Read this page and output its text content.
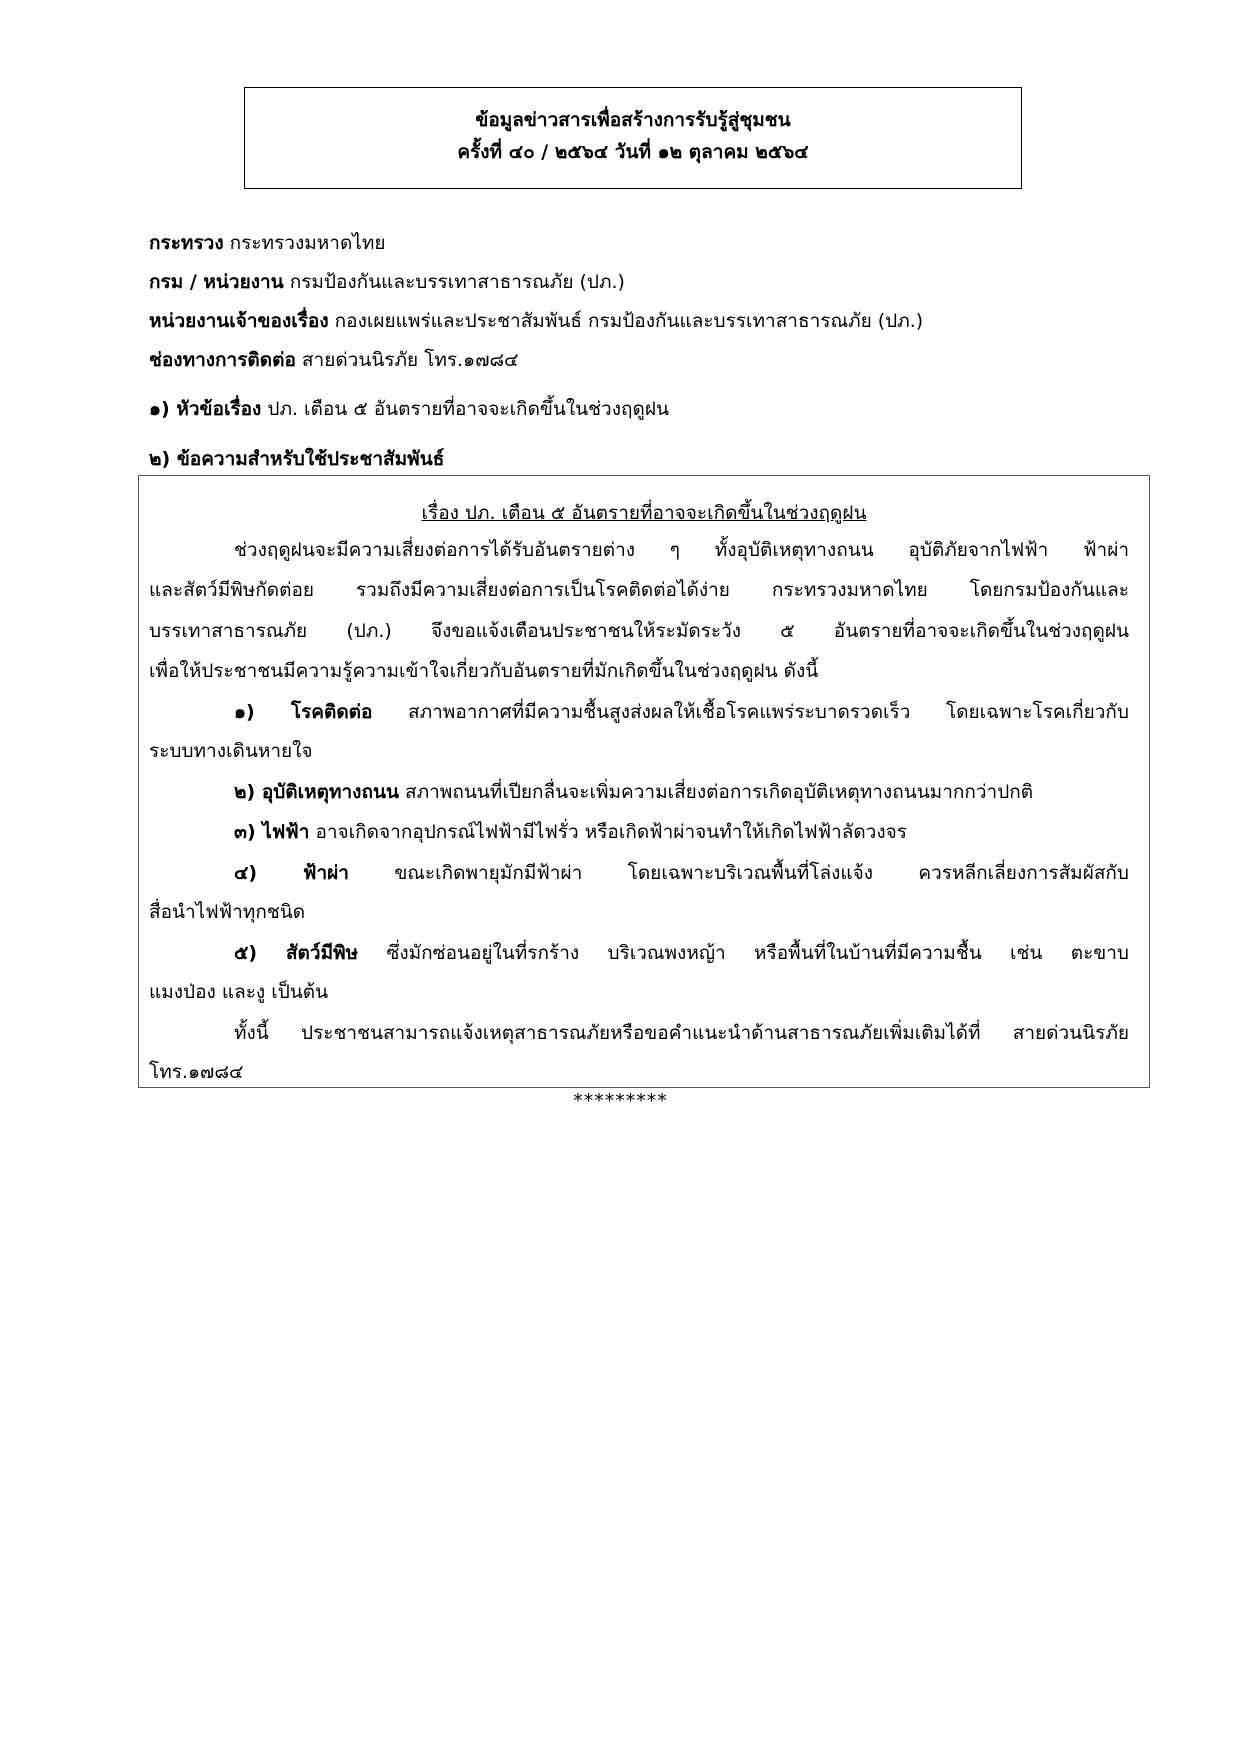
ข้อมูลข่าวสารเพื่อสร้างการรับรู้สู่ชุมชน
ครั้งที่ ๔๐ / ๒๕๖๔ วันที่ ๑๒ ตุลาคม ๒๕๖๔
กระทรวง กระทรวงมหาดไทย
กรม / หน่วยงาน กรมป้องกันและบรรเทาสาธารณภัย (ปภ.)
หน่วยงานเจ้าของเรื่อง กองเผยแพร่และประชาสัมพันธ์ กรมป้องกันและบรรเทาสาธารณภัย (ปภ.)
ช่องทางการติดต่อ สายด่วนนิรภัย โทร.๑๗๘๔
๑) หัวข้อเรื่อง ปภ. เตือน ๕ อันตรายที่อาจจะเกิดขึ้นในช่วงฤดูฝน
๒) ข้อความสำหรับใช้ประชาสัมพันธ์
เรื่อง ปภ. เตือน ๕ อันตรายที่อาจจะเกิดขึ้นในช่วงฤดูฝน
ช่วงฤดูฝนจะมีความเสี่ยงต่อการได้รับอันตรายต่าง ๆ ทั้งอุบัติเหตุทางถนน อุบัติภัยจากไฟฟ้า ฟ้าผ่า
และสัตว์มีพิษกัดต่อย รวมถึงมีความเสี่ยงต่อการเป็นโรคติดต่อได้ง่าย กระทรวงมหาดไทย โดยกรมป้องกันและ
บรรเทาสาธารณภัย (ปภ.) จึงขอแจ้งเตือนประชาชนให้ระมัดระวัง ๕ อันตรายที่อาจจะเกิดขึ้นในช่วงฤดูฝน
เพื่อให้ประชาชนมีความรู้ความเข้าใจเกี่ยวกับอันตรายที่มักเกิดขึ้นในช่วงฤดูฝน ดังนี้
๑) โรคติดต่อ สภาพอากาศที่มีความชื้นสูงส่งผลให้เชื้อโรคแพร่ระบาดรวดเร็ว โดยเฉพาะโรคเกี่ยวกับ
ระบบทางเดินหายใจ
๒) อุบัติเหตุทางถนน สภาพถนนที่เปียกลื่นจะเพิ่มความเสี่ยงต่อการเกิดอุบัติเหตุทางถนนมากกว่าปกติ
๓) ไฟฟ้า อาจเกิดจากอุปกรณ์ไฟฟ้ามีไฟรั่ว หรือเกิดฟ้าผ่าจนทำให้เกิดไฟฟ้าลัดวงจร
๔) ฟ้าผ่า ขณะเกิดพายุมักมีฟ้าผ่า โดยเฉพาะบริเวณพื้นที่โล่งแจ้ง ควรหลีกเลี่ยงการสัมผัสกับ
สื่อนำไฟฟ้าทุกชนิด
๕) สัตว์มีพิษ ซึ่งมักซ่อนอยู่ในที่รกร้าง บริเวณพงหญ้า หรือพื้นที่ในบ้านที่มีความชื้น เช่น ตะขาบ
แมงป่อง และงู เป็นต้น
ทั้งนี้ ประชาชนสามารถแจ้งเหตุสาธารณภัยหรือขอคำแนะนำด้านสาธารณภัยเพิ่มเติมได้ที่ สายด่วนนิรภัย
โทร.๑๗๘๔
*********
